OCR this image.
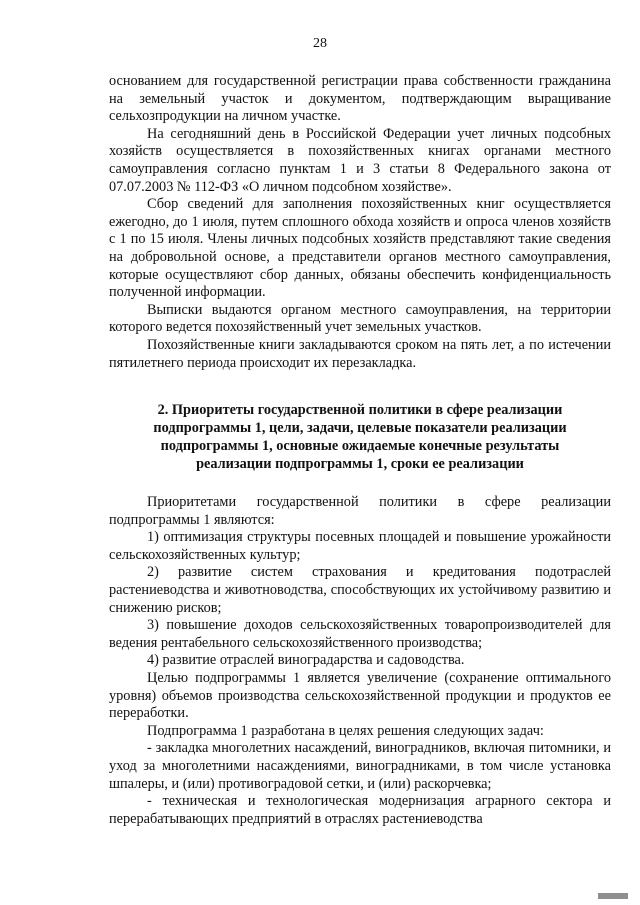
28

основанием для государственной регистрации права собственности гражданина на земельный участок и документом, подтверждающим выращивание сельхозпродукции на личном участке.

На сегодняшний день в Российской Федерации учет личных подсобных хозяйств осуществляется в похозяйственных книгах органами местного самоуправления согласно пунктам 1 и 3 статьи 8 Федерального закона от 07.07.2003 № 112-ФЗ «О личном подсобном хозяйстве».

Сбор сведений для заполнения похозяйственных книг осуществляется ежегодно, до 1 июля, путем сплошного обхода хозяйств и опроса членов хозяйств с 1 по 15 июля. Члены личных подсобных хозяйств представляют такие сведения на добровольной основе, а представители органов местного самоуправления, которые осуществляют сбор данных, обязаны обеспечить конфиденциальность полученной информации.

Выписки выдаются органом местного самоуправления, на территории которого ведется похозяйственный учет земельных участков.

Похозяйственные книги закладываются сроком на пять лет, а по истечении пятилетнего периода происходит их перезакладка.

2. Приоритеты государственной политики в сфере реализации
подпрограммы 1, цели, задачи, целевые показатели реализации
подпрограммы 1, основные ожидаемые конечные результаты
реализации подпрограммы 1, сроки ее реализации

Приоритетами государственной политики в сфере реализации подпрограммы 1 являются:

1) оптимизация структуры посевных площадей и повышение урожайности сельскохозяйственных культур;

2) развитие систем страхования и кредитования подотраслей растениеводства и животноводства, способствующих их устойчивому развитию и снижению рисков;

3) повышение доходов сельскохозяйственных товаропроизводителей для ведения рентабельного сельскохозяйственного производства;

4) развитие отраслей виноградарства и садоводства.

Целью подпрограммы 1 является увеличение (сохранение оптимального уровня) объемов производства сельскохозяйственной продукции и продуктов ее переработки.

Подпрограмма 1 разработана в целях решения следующих задач:

- закладка многолетних насаждений, виноградников, включая питомники, и уход за многолетними насаждениями, виноградниками, в том числе установка шпалеры, и (или) противоградовой сетки, и (или) раскорчевка;

- техническая и технологическая модернизация аграрного сектора и перерабатывающих предприятий в отраслях растениеводства
